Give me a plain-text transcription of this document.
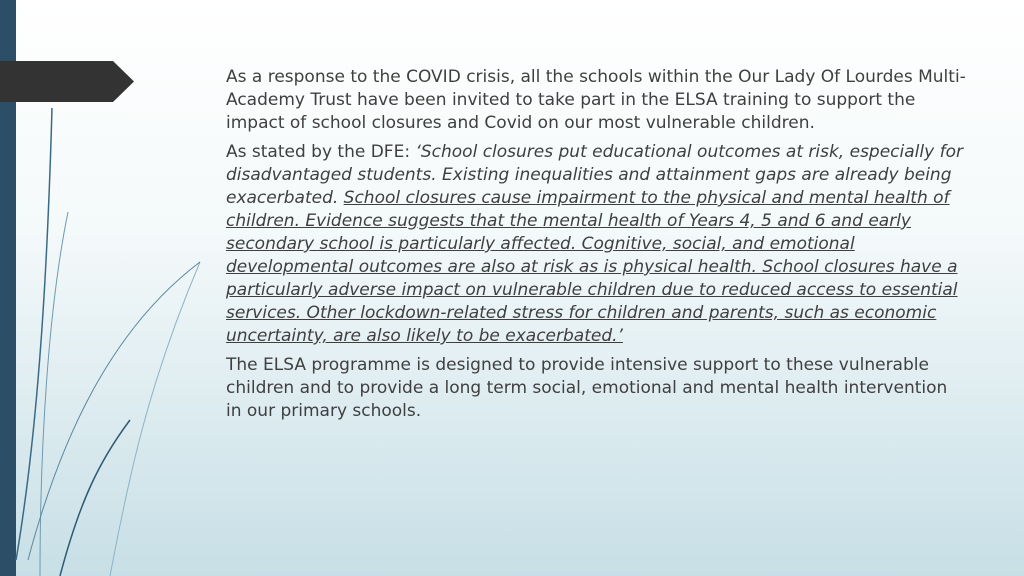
As a response to the COVID crisis, all the schools within the Our Lady Of Lourdes Multi-Academy Trust have been invited to take part in the ELSA training to support the impact of school closures and Covid on our most vulnerable children.

As stated by the DFE: ‘School closures put educational outcomes at risk, especially for disadvantaged students. Existing inequalities and attainment gaps are already being exacerbated. School closures cause impairment to the physical and mental health of children. Evidence suggests that the mental health of Years 4, 5 and 6 and early secondary school is particularly affected. Cognitive, social, and emotional developmental outcomes are also at risk as is physical health. School closures have a particularly adverse impact on vulnerable children due to reduced access to essential services. Other lockdown-related stress for children and parents, such as economic uncertainty, are also likely to be exacerbated.’

The ELSA programme is designed to provide intensive support to these vulnerable children and to provide a long term social, emotional and mental health intervention in our primary schools.
